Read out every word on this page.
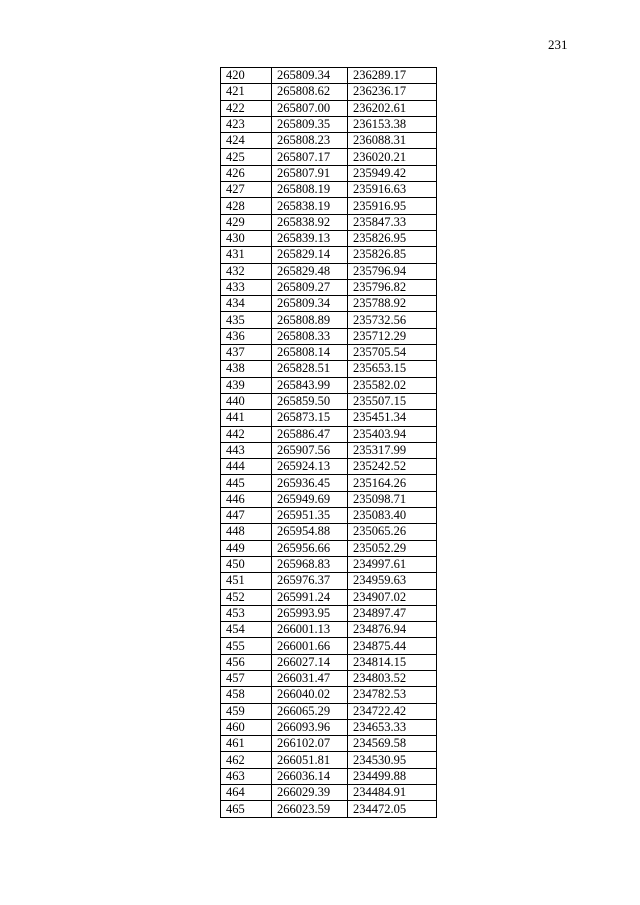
231
420	265809.34	236289.17
421	265808.62	236236.17
422	265807.00	236202.61
423	265809.35	236153.38
424	265808.23	236088.31
425	265807.17	236020.21
426	265807.91	235949.42
427	265808.19	235916.63
428	265838.19	235916.95
429	265838.92	235847.33
430	265839.13	235826.95
431	265829.14	235826.85
432	265829.48	235796.94
433	265809.27	235796.82
434	265809.34	235788.92
435	265808.89	235732.56
436	265808.33	235712.29
437	265808.14	235705.54
438	265828.51	235653.15
439	265843.99	235582.02
440	265859.50	235507.15
441	265873.15	235451.34
442	265886.47	235403.94
443	265907.56	235317.99
444	265924.13	235242.52
445	265936.45	235164.26
446	265949.69	235098.71
447	265951.35	235083.40
448	265954.88	235065.26
449	265956.66	235052.29
450	265968.83	234997.61
451	265976.37	234959.63
452	265991.24	234907.02
453	265993.95	234897.47
454	266001.13	234876.94
455	266001.66	234875.44
456	266027.14	234814.15
457	266031.47	234803.52
458	266040.02	234782.53
459	266065.29	234722.42
460	266093.96	234653.33
461	266102.07	234569.58
462	266051.81	234530.95
463	266036.14	234499.88
464	266029.39	234484.91
465	266023.59	234472.05
